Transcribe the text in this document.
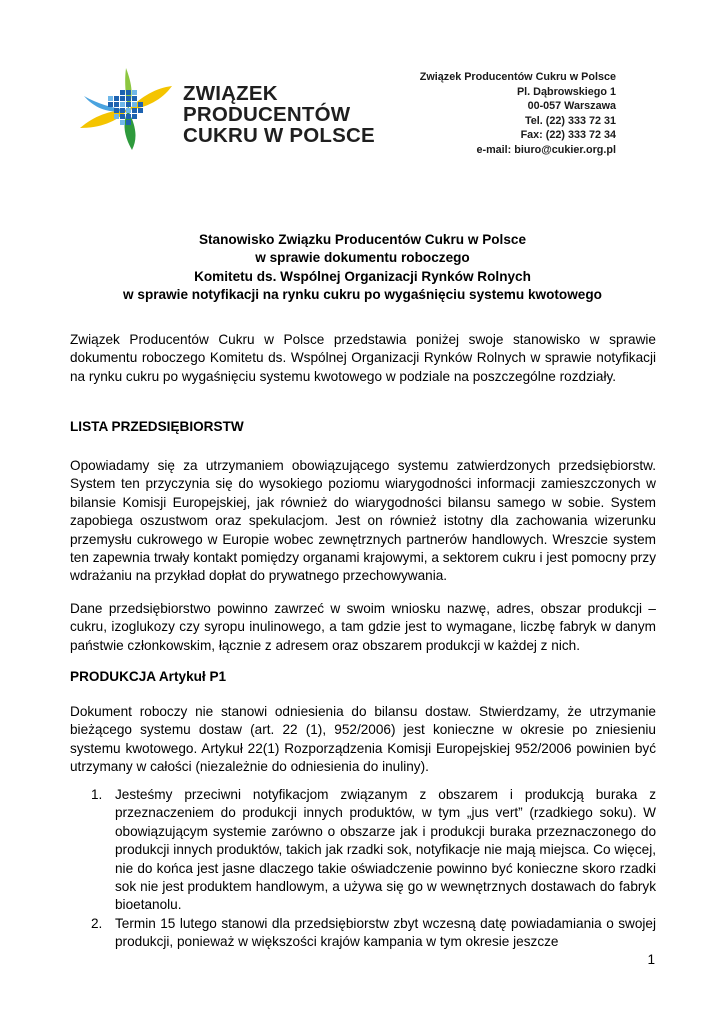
ZWIĄZEK
PRODUCENTÓW
CUKRU W POLSCE
Związek Producentów Cukru w Polsce
Pl. Dąbrowskiego 1
00-057 Warszawa
Tel. (22) 333 72 31
Fax: (22) 333 72 34
e-mail: biuro@cukier.org.pl
Stanowisko Związku Producentów Cukru w Polsce
w sprawie dokumentu roboczego
Komitetu ds. Wspólnej Organizacji Rynków Rolnych
w sprawie notyfikacji na rynku cukru po wygaśnięciu systemu kwotowego

Związek Producentów Cukru w Polsce przedstawia poniżej swoje stanowisko w sprawie dokumentu roboczego Komitetu ds. Wspólnej Organizacji Rynków Rolnych w sprawie notyfikacji na rynku cukru po wygaśnięciu systemu kwotowego w podziale na poszczególne rozdziały.

LISTA PRZEDSIĘBIORSTW

Opowiadamy się za utrzymaniem obowiązującego systemu zatwierdzonych przedsiębiorstw. System ten przyczynia się do wysokiego poziomu wiarygodności informacji zamieszczonych w bilansie Komisji Europejskiej, jak również do wiarygodności bilansu samego w sobie. System zapobiega oszustwom oraz spekulacjom. Jest on również istotny dla zachowania wizerunku przemysłu cukrowego w Europie wobec zewnętrznych partnerów handlowych. Wreszcie system ten zapewnia trwały kontakt pomiędzy organami krajowymi, a sektorem cukru i jest pomocny przy wdrażaniu na przykład dopłat do prywatnego przechowywania.

Dane przedsiębiorstwo powinno zawrzeć w swoim wniosku nazwę, adres, obszar produkcji – cukru, izoglukozy czy syropu inulinowego, a tam gdzie jest to wymagane, liczbę fabryk w danym państwie członkowskim, łącznie z adresem oraz obszarem produkcji w każdej z nich.

PRODUKCJA Artykuł P1

Dokument roboczy nie stanowi odniesienia do bilansu dostaw. Stwierdzamy, że utrzymanie bieżącego systemu dostaw (art. 22 (1), 952/2006) jest konieczne w okresie po zniesieniu systemu kwotowego. Artykuł 22(1) Rozporządzenia Komisji Europejskiej 952/2006 powinien być utrzymany w całości (niezależnie do odniesienia do inuliny).

1. Jesteśmy przeciwni notyfikacjom związanym z obszarem i produkcją buraka z przeznaczeniem do produkcji innych produktów, w tym „jus vert” (rzadkiego soku). W obowiązującym systemie zarówno o obszarze jak i produkcji buraka przeznaczonego do produkcji innych produktów, takich jak rzadki sok, notyfikacje nie mają miejsca. Co więcej, nie do końca jest jasne dlaczego takie oświadczenie powinno być konieczne skoro rzadki sok nie jest produktem handlowym, a używa się go w wewnętrznych dostawach do fabryk bioetanolu.
2. Termin 15 lutego stanowi dla przedsiębiorstw zbyt wczesną datę powiadamiania o swojej produkcji, ponieważ w większości krajów kampania w tym okresie jeszcze
1
